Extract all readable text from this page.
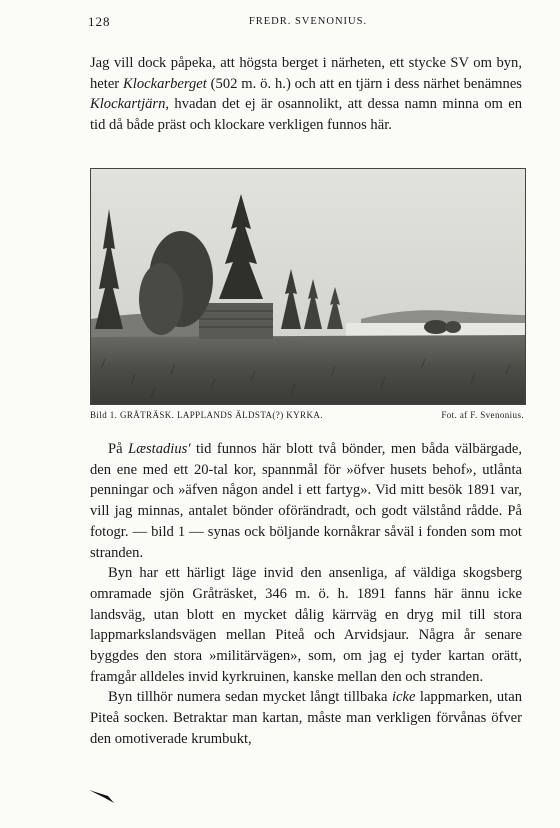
128	FREDR. SVENONIUS.

Jag vill dock påpeka, att högsta berget i närheten, ett stycke SV om byn, heter Klockarberget (502 m. ö. h.) och att en tjärn i dess närhet benämnes Klockartjärn, hvadan det ej är osannolikt, att dessa namn minna om en tid då både präst och klockare verkligen funnos här.

Bild 1. GRÅTRÄSK. LAPPLANDS ÄLDSTA(?) KYRKA.	Fot. af F. Svenonius.

På Læstadius' tid funnos här blott två bönder, men båda välbärgade, den ene med ett 20-tal kor, spannmål för »öfver husets behof», utlånta penningar och »äfven någon andel i ett fartyg». Vid mitt besök 1891 var, vill jag minnas, antalet bönder oförändradt, och godt välstånd rådde. På fotogr. — bild 1 — synas ock böljande kornåkrar såväl i fonden som mot stranden.

Byn har ett härligt läge invid den ansenliga, af väldiga skogsberg omramade sjön Gråträsket, 346 m. ö. h. 1891 fanns här ännu icke landsväg, utan blott en mycket dålig kärrväg en dryg mil till stora lappmarkslandsvägen mellan Piteå och Arvidsjaur. Några år senare byggdes den stora »militärvägen», som, om jag ej tyder kartan orätt, framgår alldeles invid kyrkruinen, kanske mellan den och stranden.

Byn tillhör numera sedan mycket långt tillbaka icke lappmarken, utan Piteå socken. Betraktar man kartan, måste man verkligen förvånas öfver den omotiverade krumbukt,
